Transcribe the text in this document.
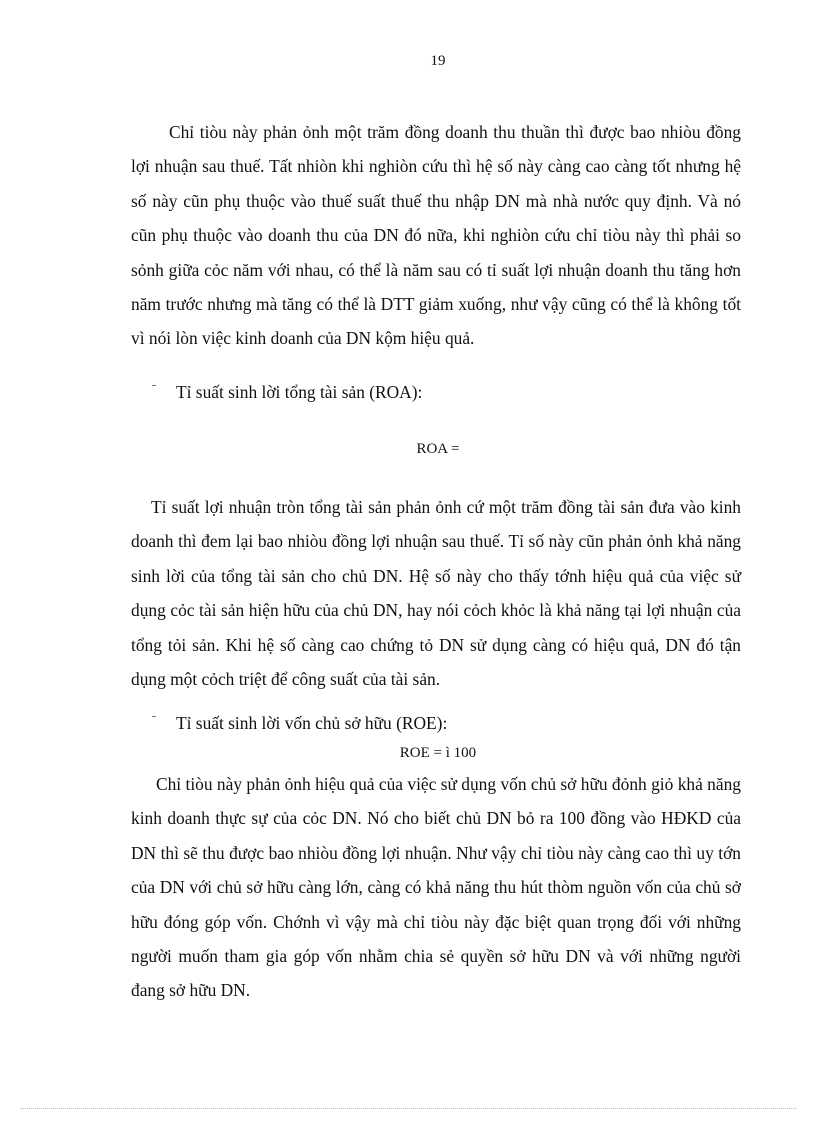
19

Chỉ tiòu này phản ỏnh một trăm đồng doanh thu thuần thì được bao nhiòu đồng lợi nhuận sau thuế. Tất nhiòn khi nghiòn cứu thì hệ số này càng cao càng tốt nhưng hệ số này cũn phụ thuộc vào thuế suất thuế thu nhập DN mà nhà nước quy định. Và nó cũn phụ thuộc vào doanh thu của DN đó nữa, khi nghiòn cứu chỉ tiòu này thì phải so sỏnh giữa cỏc năm với nhau, có thể là năm sau có tỉ suất lợi nhuận doanh thu tăng hơn năm trước nhưng mà tăng có thể là DTT giảm xuống, như vậy cũng có thể là không tốt vì nói lòn việc kinh doanh của DN kộm hiệu quả.

ˉ Tỉ suất sinh lời tổng tài sản (ROA):
ROA =

Tỉ suất lợi nhuận tròn tổng tài sản phản ỏnh cứ một trăm đồng tài sản đưa vào kinh doanh thì đem lại bao nhiòu đồng lợi nhuận sau thuế. Tỉ số này cũn phản ỏnh khả năng sinh lời của tổng tài sản cho chủ DN. Hệ số này cho thấy tớnh hiệu quả của việc sử dụng cỏc tài sản hiện hữu của chủ DN, hay nói cỏch khỏc là khả năng tại lợi nhuận của tổng tỏi sản. Khi hệ số càng cao chứng tỏ DN sử dụng càng có hiệu quả, DN đó tận dụng một cỏch triệt để công suất của tài sản.

ˉ Tỉ suất sinh lời vốn chủ sở hữu (ROE):
ROE = ì 100

Chỉ tiòu này phản ỏnh hiệu quả của việc sử dụng vốn chủ sở hữu đỏnh giỏ khả năng kinh doanh thực sự của cỏc DN. Nó cho biết chủ DN bỏ ra 100 đồng vào HĐKD của DN thì sẽ thu được bao nhiòu đồng lợi nhuận. Như vậy chỉ tiòu này càng cao thì uy tớn của DN với chủ sở hữu càng lớn, càng có khả năng thu hút thòm nguồn vốn của chủ sở hữu đóng góp vốn. Chớnh vì vậy mà chỉ tiòu này đặc biệt quan trọng đối với những người muốn tham gia góp vốn nhằm chia sẻ quyền sở hữu DN và với những người đang sở hữu DN.
